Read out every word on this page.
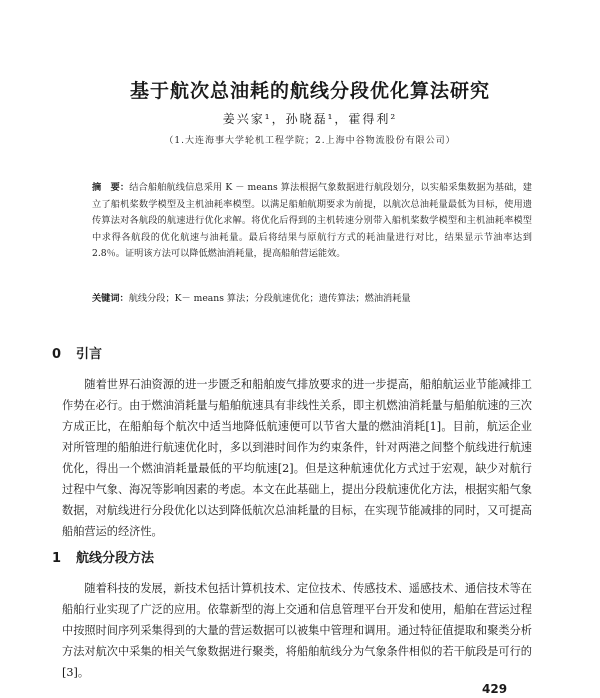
基于航次总油耗的航线分段优化算法研究
姜兴家¹，孙晓磊¹，霍得利²
（1.大连海事大学轮机工程学院；2.上海中谷物流股份有限公司）
摘　要：结合船舶航线信息采用 K － means 算法根据气象数据进行航段划分，以实船采集数据为基础，建立了船机桨数学模型及主机油耗率模型。以满足船舶航期要求为前提，以航次总油耗量最低为目标，使用遗传算法对各航段的航速进行优化求解。将优化后得到的主机转速分别带入船机桨数学模型和主机油耗率模型中求得各航段的优化航速与油耗量。最后将结果与原航行方式的耗油量进行对比，结果显示节油率达到 2.8％。证明该方法可以降低燃油消耗量，提高船舶营运能效。
关键词：航线分段；K－ means 算法；分段航速优化；遗传算法；燃油消耗量
0 引言
随着世界石油资源的进一步匮乏和船舶废气排放要求的进一步提高，船舶航运业节能减排工作势在必行。由于燃油消耗量与船舶航速具有非线性关系，即主机燃油消耗量与船舶航速的三次方成正比，在船舶每个航次中适当地降低航速便可以节省大量的燃油消耗[1]。目前，航运企业对所管理的船舶进行航速优化时，多以到港时间作为约束条件，针对两港之间整个航线进行航速优化，得出一个燃油消耗量最低的平均航速[2]。但是这种航速优化方式过于宏观，缺少对航行过程中气象、海况等影响因素的考虑。本文在此基础上，提出分段航速优化方法，根据实船气象数据，对航线进行分段优化以达到降低航次总油耗量的目标，在实现节能减排的同时，又可提高船舶营运的经济性。
1 航线分段方法
随着科技的发展，新技术包括计算机技术、定位技术、传感技术、遥感技术、通信技术等在船舶行业实现了广泛的应用。依靠新型的海上交通和信息管理平台开发和使用，船舶在营运过程中按照时间序列采集得到的大量的营运数据可以被集中管理和调用。通过特征值提取和聚类分析方法对航次中采集的相关气象数据进行聚类，将船舶航线分为气象条件相似的若干航段是可行的[3]。
429
